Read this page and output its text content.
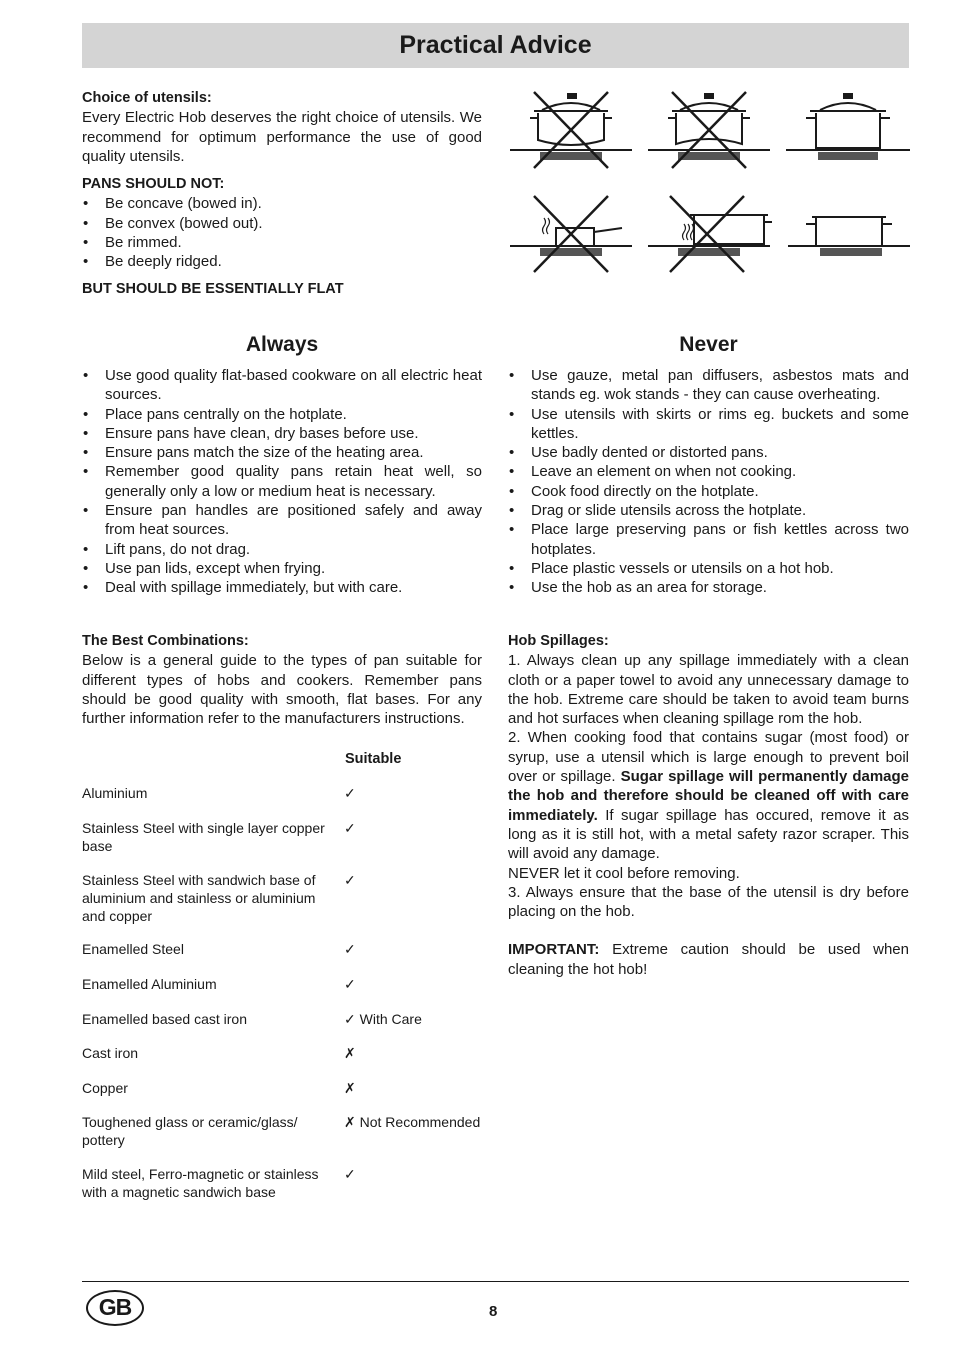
Practical Advice
Choice of utensils:
Every Electric Hob deserves the right choice of utensils. We recommend for optimum performance the use of good quality utensils.
PANS SHOULD NOT:
• Be concave (bowed in).
• Be convex (bowed out).
• Be rimmed.
• Be deeply ridged.
BUT SHOULD BE ESSENTIALLY FLAT
Always	Never
• Use good quality flat-based cookware on all electric heat sources.
• Place pans centrally on the hotplate.
• Ensure pans have clean, dry bases before use.
• Ensure pans match the size of the heating area.
• Remember good quality pans retain heat well, so generally only a low or medium heat is necessary.
• Ensure pan handles are positioned safely and away from heat sources.
• Lift pans, do not drag.
• Use pan lids, except when frying.
• Deal with spillage immediately, but with care.
• Use gauze, metal pan diffusers, asbestos mats and stands eg. wok stands - they can cause overheating.
• Use utensils with skirts or rims eg. buckets and some kettles.
• Use badly dented or distorted pans.
• Leave an element on when not cooking.
• Cook food directly on the hotplate.
• Drag or slide utensils across the hotplate.
• Place large preserving pans or fish kettles across two hotplates.
• Place plastic vessels or utensils on a hot hob.
• Use the hob as an area for storage.
The Best Combinations:
Below is a general guide to the types of pan suitable for different types of hobs and cookers. Remember pans should be good quality with smooth, flat bases. For any further information refer to the manufacturers instructions.
Suitable
Aluminium	✓
Stainless Steel with single layer copper base
✓
Stainless Steel with sandwich base of aluminium and stainless or aluminium and copper
✓
Enamelled Steel	✓
Enamelled Aluminium	✓
Enamelled based cast iron	✓ With Care
Cast iron	✗
Copper	✗
Toughened glass or ceramic/glass/ pottery
✗ Not Recommended
Mild steel, Ferro-magnetic or stainless with a magnetic sandwich base
✓
Hob Spillages:
1. Always clean up any spillage immediately with a clean cloth or a paper towel to avoid any unnecessary damage to the hob. Extreme care should be taken to avoid team burns and hot surfaces when cleaning spillage rom the hob.
2. When cooking food that contains sugar (most food) or syrup, use a utensil which is large enough to prevent boil over or spillage. Sugar spillage will permanently damage the hob and therefore should be cleaned off with care immediately. If sugar spillage has occured, remove it as long as it is still hot, with a metal safety razor scraper. This will avoid any damage.
NEVER let it cool before removing.
3. Always ensure that the base of the utensil is dry before placing on the hob.
IMPORTANT: Extreme caution should be used when cleaning the hot hob!
GB	8
